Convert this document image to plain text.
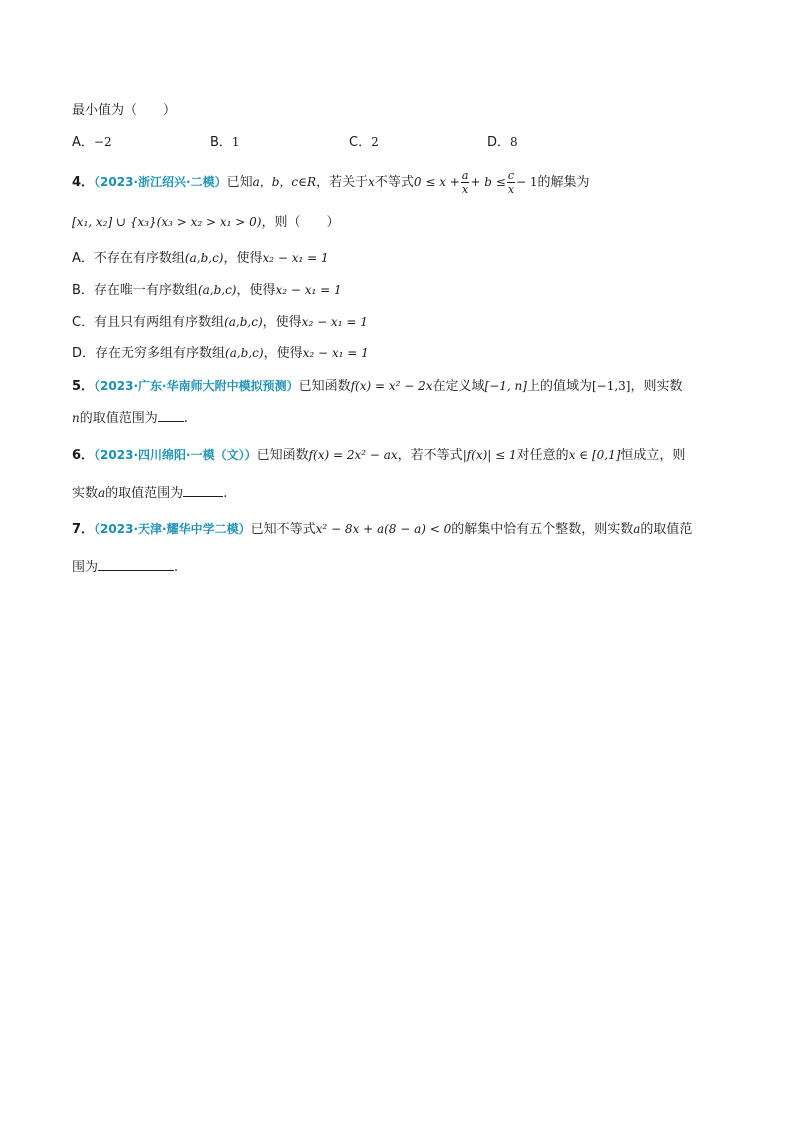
最小值为（　　）
A．−2	B．1	C．2	D．8
4．（2023·浙江绍兴·二模）已知a，b，c∈R，若关于x不等式$0 \le x + \frac{a}{x} + b \le \frac{c}{x} - 1$的解集为
[x₁, x₂] ∪ {x₃}(x₃ > x₂ > x₁ > 0)，则（　　）
A．不存在有序数组(a,b,c)，使得x₂ − x₁ = 1
B．存在唯一有序数组(a,b,c)，使得x₂ − x₁ = 1
C．有且只有两组有序数组(a,b,c)，使得x₂ − x₁ = 1
D．存在无穷多组有序数组(a,b,c)，使得x₂ − x₁ = 1
5．（2023·广东·华南师大附中模拟预测）已知函数f(x) = x² − 2x在定义域[−1, n]上的值域为[−1,3]，则实数
n的取值范围为 .
6．（2023·四川绵阳·一模（文））已知函数f(x) = 2x² − ax，若不等式|f(x)| ≤ 1对任意的x ∈ [0,1]恒成立，则
实数a的取值范围为	.
7．（2023·天津·耀华中学二模）已知不等式x² − 8x + a(8 − a) < 0的解集中恰有五个整数，则实数a的取值范
围为	.
